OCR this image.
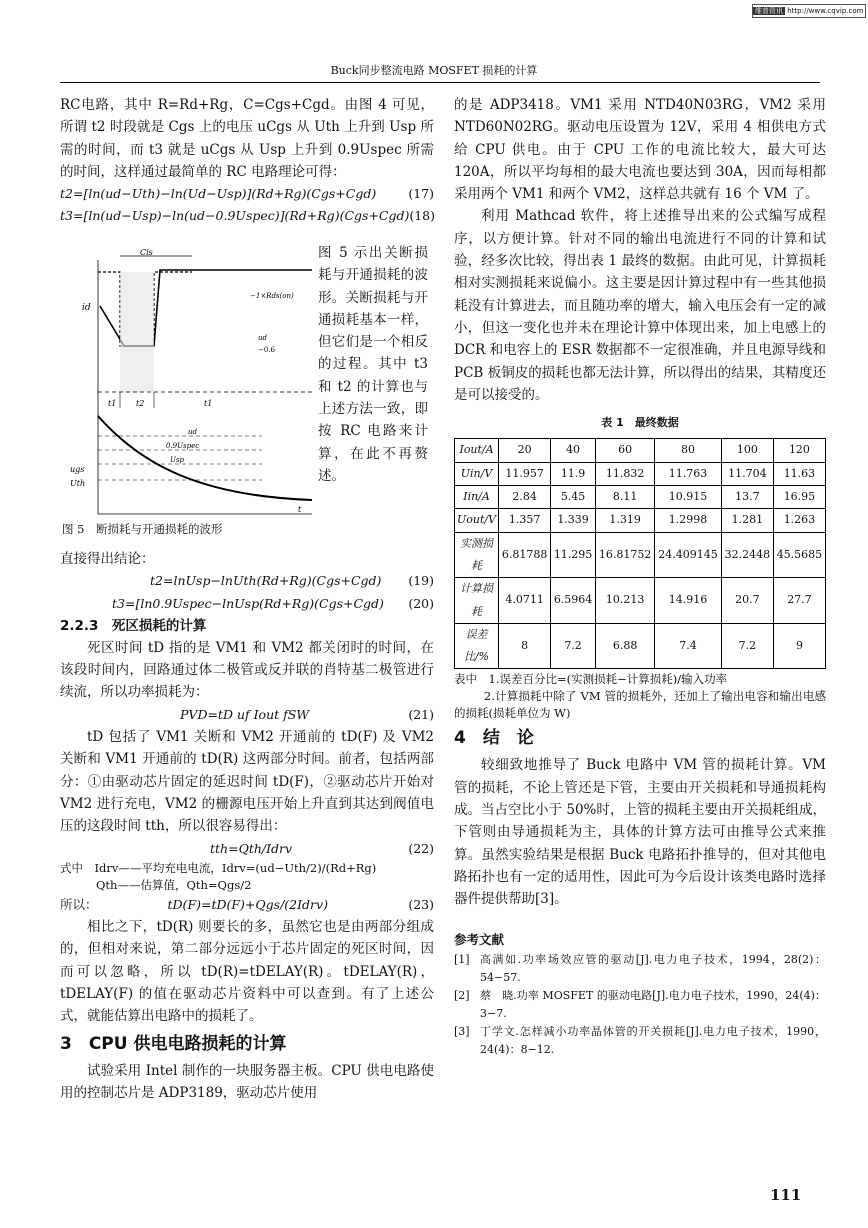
维普资讯 http://www.cqvip.com
Buck同步整流电路 MOSFET 损耗的计算

RC电路，其中 R=Rd+Rg，C=Cgs+Cgd。由图 4 可见，所谓 t2 时段就是 Cgs 上的电压 uCgs 从 Uth 上升到 Usp 所需的时间，而 t3 就是 uCgs 从 Usp 上升到 0.9Uspec 所需的时间，这样通过最简单的 RC 电路理论可得：

t2=[ln(ud−Uth)−ln(Ud−Usp)](Rd+Rg)(Cgs+Cgd)	(17)
t3=[ln(ud−Usp)−ln(ud−0.9Uspec)](Rd+Rg)(Cgs+Cgd) (18)
Cis
id
−1×Rds(on)
ud
−0.6
t1 t2	t1
ud
0.9Uspec
Usp
ugs
Uth
t
图 5 示出关断损耗与开通损耗的波形。关断损耗与开通损耗基本一样，但它们是一个相反的过程。其中 t3 和 t2 的计算也与上述方法一致，即按 RC 电路来计算，在此不再赘述。
图 5　断损耗与开通损耗的波形

直接得出结论：

t2=lnUsp−lnUth(Rd+Rg)(Cgs+Cgd) (19)
t3=[ln0.9Uspec−lnUsp(Rd+Rg)(Cgs+Cgd) (20)
2.2.3　死区损耗的计算

死区时间 tD 指的是 VM1 和 VM2 都关闭时的时间，在该段时间内，回路通过体二极管或反并联的肖特基二极管进行续流，所以功率损耗为：

PVD=tD uf Iout fSW	(21)

tD 包括了 VM1 关断和 VM2 开通前的 tD(F) 及 VM2 关断和 VM1 开通前的 tD(R) 这两部分时间。前者，包括两部分：①由驱动芯片固定的延迟时间 tD(F)，②驱动芯片开始对 VM2 进行充电，VM2 的栅源电压开始上升直到其达到阀值电压的这段时间 tth，所以很容易得出：

tth=Qth/Idrv	(22)
式中　Idrv——平均充电电流，Idrv=(ud−Uth/2)/(Rd+Rg)
Qth——估算值，Qth=Qgs/2
所以：	tD(F)=tD(F)+Qgs/(2Idrv)	(23)

相比之下，tD(R) 则要长的多，虽然它也是由两部分组成的，但相对来说，第二部分远远小于芯片固定的死区时间，因而可以忽略，所以 tD(R)=tDELAY(R)。tDELAY(R)，tDELAY(F) 的值在驱动芯片资料中可以查到。有了上述公式，就能估算出电路中的损耗了。

3　CPU 供电电路损耗的计算

试验采用 Intel 制作的一块服务器主板。CPU 供电电路使用的控制芯片是 ADP3189，驱动芯片使用

的是 ADP3418。VM1 采用 NTD40N03RG，VM2 采用 NTD60N02RG。驱动电压设置为 12V，采用 4 相供电方式给 CPU 供电。由于 CPU 工作的电流比较大，最大可达 120A，所以平均每相的最大电流也要达到 30A，因而每相都采用两个 VM1 和两个 VM2，这样总共就有 16 个 VM 了。

利用 Mathcad 软件，将上述推导出来的公式编写成程序，以方便计算。针对不同的输出电流进行不同的计算和试验，经多次比较，得出表 1 最终的数据。由此可见，计算损耗相对实测损耗来说偏小。这主要是因计算过程中有一些其他损耗没有计算进去，而且随功率的增大，输入电压会有一定的减小，但这一变化也并未在理论计算中体现出来，加上电感上的 DCR 和电容上的 ESR 数据都不一定很准确，并且电源导线和 PCB 板铜皮的损耗也都无法计算，所以得出的结果，其精度还是可以接受的。

表 1　最终数据
Iout/A	20	40	60	80	100	120
Uin/V	11.957	11.9	11.832	11.763	11.704	11.63
Iin/A	2.84	5.45	8.11	10.915	13.7	16.95
Uout/V	1.357	1.339	1.319	1.2998	1.281	1.263
实测损耗	6.81788	11.295	16.81752	24.409145	32.2448	45.5685
计算损耗	4.0711	6.5964	10.213	14.916	20.7	27.7
误差比/%	8	7.2	6.88	7.4	7.2	9
表中　1.误差百分比=(实测损耗−计算损耗)/输入功率
2.计算损耗中除了 VM 管的损耗外，还加上了输出电容和输出电感的损耗(损耗单位为 W)
4　结　论

较细致地推导了 Buck 电路中 VM 管的损耗计算。VM 管的损耗，不论上管还是下管，主要由开关损耗和导通损耗构成。当占空比小于 50%时，上管的损耗主要由开关损耗组成，下管则由导通损耗为主，具体的计算方法可由推导公式来推算。虽然实验结果是根据 Buck 电路拓扑推导的，但对其他电路拓扑也有一定的适用性，因此可为今后设计该类电路时选择器件提供帮助[3]。

参考文献
[1] 高满如.功率场效应管的驱动[J].电力电子技术，1994，28(2)：54−57.
[2] 蔡　晓.功率 MOSFET 的驱动电路[J].电力电子技术，1990，24(4)：3−7.
[3] 丁学文.怎样减小功率晶体管的开关损耗[J].电力电子技术，1990，24(4)：8−12.
111
